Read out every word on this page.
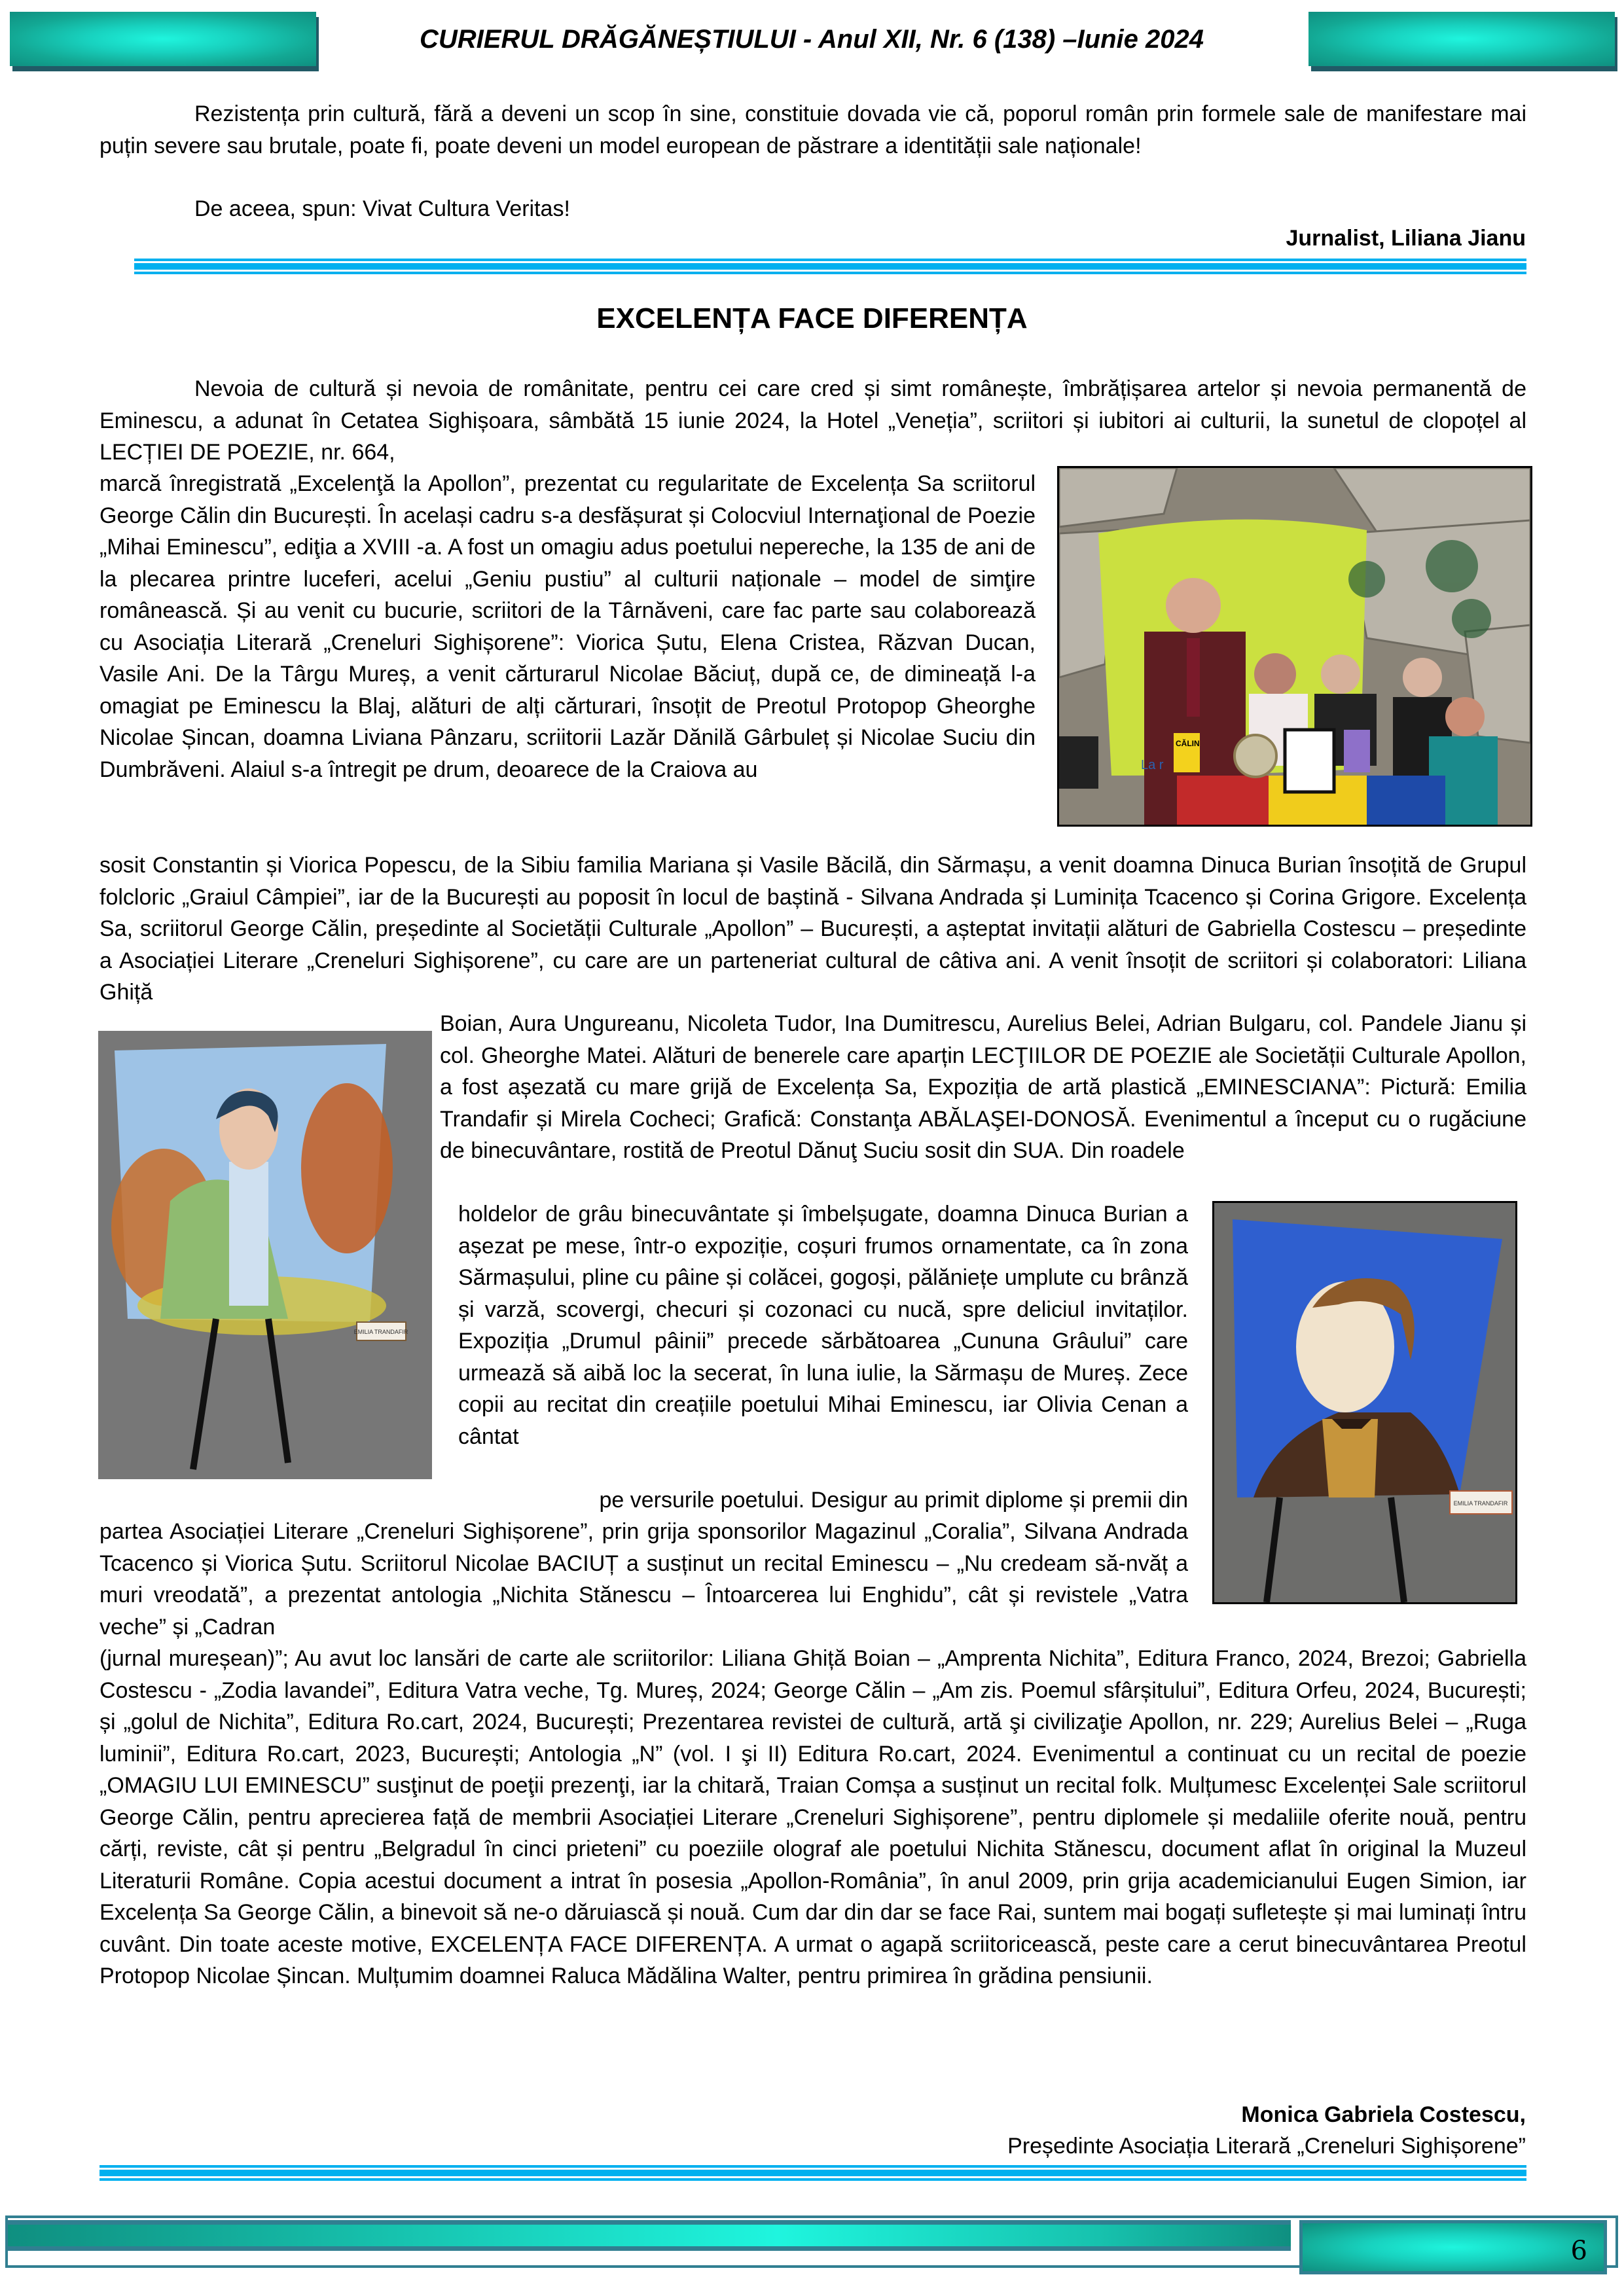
CURIERUL DRĂGĂNEȘTIULUI - Anul XII, Nr. 6 (138) –Iunie 2024
Rezistența prin cultură, fără a deveni un scop în sine, constituie dovada vie că, poporul român prin formele sale de manifestare mai puțin severe sau brutale, poate fi, poate deveni un model european de păstrare a identității sale naționale!
De aceea, spun: Vivat Cultura Veritas!
Jurnalist, Liliana Jianu
EXCELENȚA FACE DIFERENȚA
Nevoia de cultură și nevoia de românitate, pentru cei care cred și simt românește, îmbrățișarea artelor și nevoia permanentă de Eminescu, a adunat în Cetatea Sighișoara, sâmbătă 15 iunie 2024, la Hotel „Veneția”, scriitori și iubitori ai culturii, la sunetul de clopoțel al LECȚIEI DE POEZIE, nr. 664,
marcă înregistrată „Excelenţă la Apollon”, prezentat cu regularitate de Excelența Sa scriitorul George Călin din București. În același cadru s-a desfășurat și Colocviul Internaţional de Poezie „Mihai Eminescu”, ediţia a XVIII -a. A fost un omagiu adus poetului nepereche, la 135 de ani de la plecarea printre luceferi, acelui „Geniu pustiu” al culturii naționale – model de simţire românească. Și au venit cu bucurie, scriitori de la Târnăveni, care fac parte sau colaborează cu Asociația Literară „Creneluri Sighișorene”: Viorica Șutu, Elena Cristea, Răzvan Ducan, Vasile Ani. De la Târgu Mureș, a venit cărturarul Nicolae Băciuț, după ce, de dimineață l-a omagiat pe Eminescu la Blaj, alături de alți cărturari, însoțit de Preotul Protopop Gheorghe Nicolae Șincan, doamna Liviana Pânzaru, scriitorii Lazăr Dănilă Gârbuleț și Nicolae Suciu din Dumbrăveni. Alaiul s-a întregit pe drum, deoarece de la Craiova au
CĂLIN
La r
sosit Constantin și Viorica Popescu, de la Sibiu familia Mariana și Vasile Băcilă, din Sărmașu, a venit doamna Dinuca Burian însoțită de Grupul folcloric „Graiul Câmpiei”, iar de la București au poposit în locul de baștină - Silvana Andrada și Luminița Tcacenco și Corina Grigore. Excelența Sa, scriitorul George Călin, președinte al Societății Culturale „Apollon” – București, a așteptat invitații alături de Gabriella Costescu – președinte a Asociației Literare „Creneluri Sighișorene”, cu care are un parteneriat cultural de câtiva ani. A venit însoțit de scriitori și colaboratori: Liliana Ghiță
EMILIA TRANDAFIR
Boian, Aura Ungureanu, Nicoleta Tudor, Ina Dumitrescu, Aurelius Belei, Adrian Bulgaru, col. Pandele Jianu și col. Gheorghe Matei. Alături de benerele care aparțin LECŢIILOR DE POEZIE ale Societății Culturale Apollon, a fost așezată cu mare grijă de Excelența Sa, Expoziția de artă plastică „EMINESCIANA”: Pictură: Emilia Trandafir și Mirela Cocheci; Grafică: Constanţa ABĂLAŞEI-DONOSĂ. Evenimentul a început cu o rugăciune de binecuvântare, rostită de Preotul Dănuţ Suciu sosit din SUA. Din roadele
holdelor de grâu binecuvântate și îmbelșugate, doamna Dinuca Burian a așezat pe mese, într-o expoziție, coșuri frumos ornamentate, ca în zona Sărmașului, pline cu pâine și colăcei, gogoși, pălăniețe umplute cu brânză și varză, scovergi, checuri și cozonaci cu nucă, spre deliciul invitaților. Expoziția „Drumul pâinii” precede sărbătoarea „Cununa Grâului” care urmează să aibă loc la secerat, în luna iulie, la Sărmașu de Mureș. Zece copii au recitat din creațiile poetului Mihai Eminescu, iar Olivia Cenan a cântat
EMILIA TRANDAFIR
pe versurile poetului. Desigur au primit diplome și premii din
partea Asociației Literare „Creneluri Sighișorene”, prin grija sponsorilor Magazinul „Coralia”, Silvana Andrada Tcacenco și Viorica Șutu. Scriitorul Nicolae BACIUȚ a susținut un recital Eminescu – „Nu credeam să-nvăț a muri vreodată”, a prezentat antologia „Nichita Stănescu – Întoarcerea lui Enghidu”, cât și revistele „Vatra veche” și „Cadran
(jurnal mureșean)”; Au avut loc lansări de carte ale scriitorilor: Liliana Ghiță Boian – „Amprenta Nichita”, Editura Franco, 2024, Brezoi; Gabriella Costescu - „Zodia lavandei”, Editura Vatra veche, Tg. Mureș, 2024; George Călin – „Am zis. Poemul sfârșitului”, Editura Orfeu, 2024, București; și „golul de Nichita”, Editura Ro.cart, 2024, București; Prezentarea revistei de cultură, artă şi civilizaţie Apollon, nr. 229; Aurelius Belei – „Ruga luminii”, Editura Ro.cart, 2023, București; Antologia „N” (vol. I şi II) Editura Ro.cart, 2024. Evenimentul a continuat cu un recital de poezie „OMAGIU LUI EMINESCU” susţinut de poeţii prezenţi, iar la chitară, Traian Comșa a susținut un recital folk. Mulțumesc Excelenței Sale scriitorul George Călin, pentru aprecierea față de membrii Asociației Literare „Creneluri Sighișorene”, pentru diplomele și medaliile oferite nouă, pentru cărți, reviste, cât și pentru „Belgradul în cinci prieteni” cu poeziile olograf ale poetului Nichita Stănescu, document aflat în original la Muzeul Literaturii Române. Copia acestui document a intrat în posesia „Apollon-România”, în anul 2009, prin grija academicianului Eugen Simion, iar Excelența Sa George Călin, a binevoit să ne-o dăruiască și nouă. Cum dar din dar se face Rai, suntem mai bogați sufletește și mai luminați întru cuvânt. Din toate aceste motive, EXCELENȚA FACE DIFERENȚA. A urmat o agapă scriitoricească, peste care a cerut binecuvântarea Preotul Protopop Nicolae Șincan. Mulțumim doamnei Raluca Mădălina Walter, pentru primirea în grădina pensiunii.
Monica Gabriela Costescu,
Președinte Asociația Literară „Creneluri Sighișorene”
6
